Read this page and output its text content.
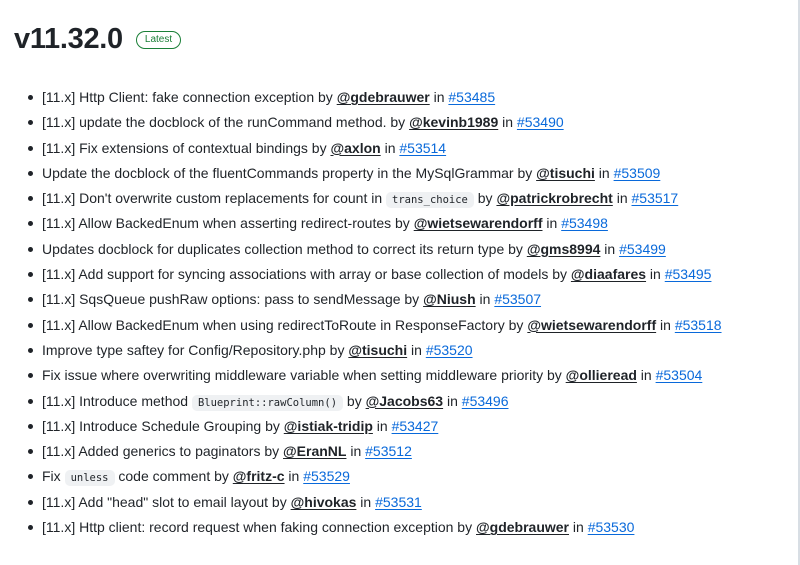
v11.32.0	Latest
[11.x] Http Client: fake connection exception by @gdebrauwer in #53485
[11.x] update the docblock of the runCommand method. by @kevinb1989 in #53490
[11.x] Fix extensions of contextual bindings by @axlon in #53514
Update the docblock of the fluentCommands property in the MySqlGrammar by @tisuchi in #53509
[11.x] Don't overwrite custom replacements for count in trans_choice by @patrickrobrecht in #53517
[11.x] Allow BackedEnum when asserting redirect-routes by @wietsewarendorff in #53498
Updates docblock for duplicates collection method to correct its return type by @gms8994 in #53499
[11.x] Add support for syncing associations with array or base collection of models by @diaafares in #53495
[11.x] SqsQueue pushRaw options: pass to sendMessage by @Niush in #53507
[11.x] Allow BackedEnum when using redirectToRoute in ResponseFactory by @wietsewarendorff in #53518
Improve type saftey for Config/Repository.php by @tisuchi in #53520
Fix issue where overwriting middleware variable when setting middleware priority by @ollieread in #53504
[11.x] Introduce method Blueprint::rawColumn() by @Jacobs63 in #53496
[11.x] Introduce Schedule Grouping by @istiak-tridip in #53427
[11.x] Added generics to paginators by @EranNL in #53512
Fix unless code comment by @fritz-c in #53529
[11.x] Add "head" slot to email layout by @hivokas in #53531
[11.x] Http client: record request when faking connection exception by @gdebrauwer in #53530
